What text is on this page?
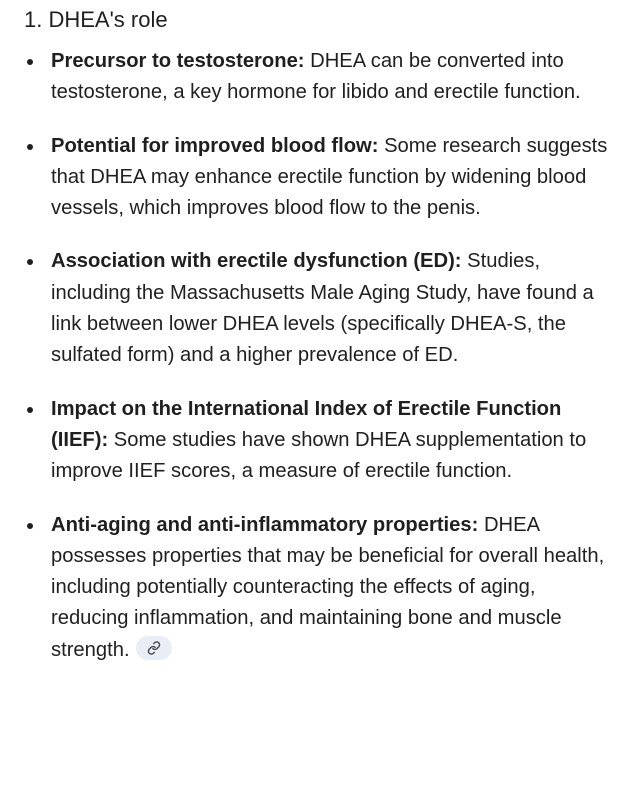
1. DHEA's role
Precursor to testosterone: DHEA can be converted into testosterone, a key hormone for libido and erectile function.
Potential for improved blood flow: Some research suggests that DHEA may enhance erectile function by widening blood vessels, which improves blood flow to the penis.
Association with erectile dysfunction (ED): Studies, including the Massachusetts Male Aging Study, have found a link between lower DHEA levels (specifically DHEA-S, the sulfated form) and a higher prevalence of ED.
Impact on the International Index of Erectile Function (IIEF): Some studies have shown DHEA supplementation to improve IIEF scores, a measure of erectile function.
Anti-aging and anti-inflammatory properties: DHEA possesses properties that may be beneficial for overall health, including potentially counteracting the effects of aging, reducing inflammation, and maintaining bone and muscle strength.
